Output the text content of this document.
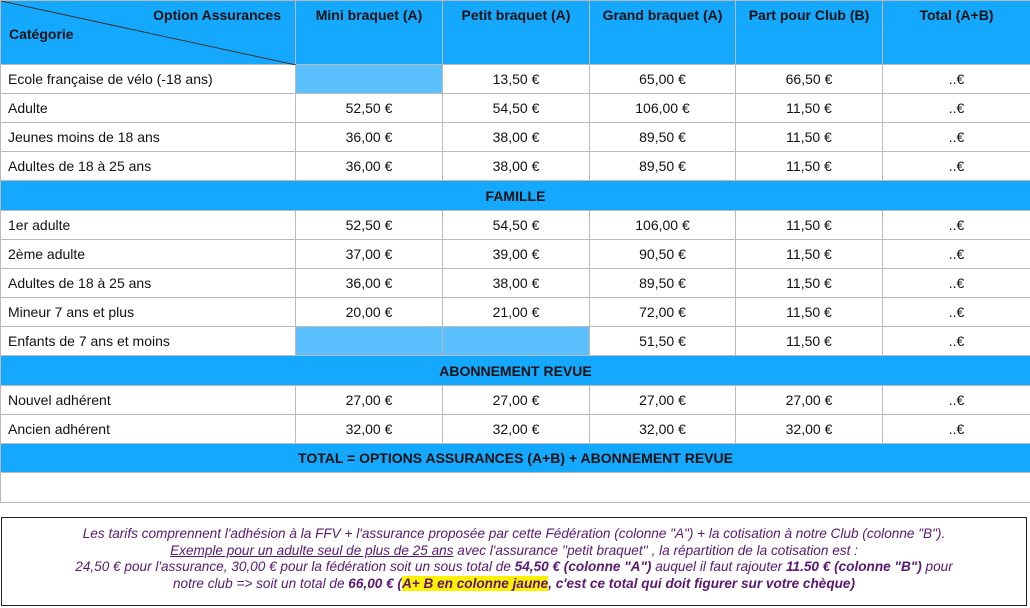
Option Assurances
Catégorie	Mini braquet (A)	Petit braquet (A)	Grand braquet (A)	Part pour Club (B)	Total (A+B)
Ecole française de vélo (-18 ans)		13,50 €	65,00 €	66,50 €	..€
Adulte	52,50 €	54,50 €	106,00 €	11,50 €	..€
Jeunes moins de 18 ans	36,00 €	38,00 €	89,50 €	11,50 €	..€
Adultes de 18 à 25 ans	36,00 €	38,00 €	89,50 €	11,50 €	..€
FAMILLE					
1er adulte	52,50 €	54,50 €	106,00 €	11,50 €	..€
2ème adulte	37,00 €	39,00 €	90,50 €	11,50 €	..€
Adultes de 18 à 25 ans	36,00 €	38,00 €	89,50 €	11,50 €	..€
Mineur 7 ans et plus	20,00 €	21,00 €	72,00 €	11,50 €	..€
Enfants de 7 ans et moins			51,50 €	11,50 €	..€
ABONNEMENT REVUE					
Nouvel adhérent	27,00 €	27,00 €	27,00 €	27,00 €	..€
Ancien adhérent	32,00 €	32,00 €	32,00 €	32,00 €	..€
TOTAL = OPTIONS ASSURANCES (A+B) + ABONNEMENT REVUE					

Les tarifs comprennent l'adhésion à la FFV + l'assurance proposée par cette Fédération (colonne "A") + la cotisation à notre Club (colonne "B").
Exemple pour un adulte seul de plus de 25 ans avec l'assurance ''petit braquet'' , la répartition de la cotisation est :
24,50 € pour l'assurance, 30,00 € pour la fédération soit un sous total de 54,50 € (colonne "A") auquel il faut rajouter 11.50 € (colonne "B") pour
notre club => soit un total de 66,00 € (A+ B en colonne jaune, c'est ce total qui doit figurer sur votre chèque)
